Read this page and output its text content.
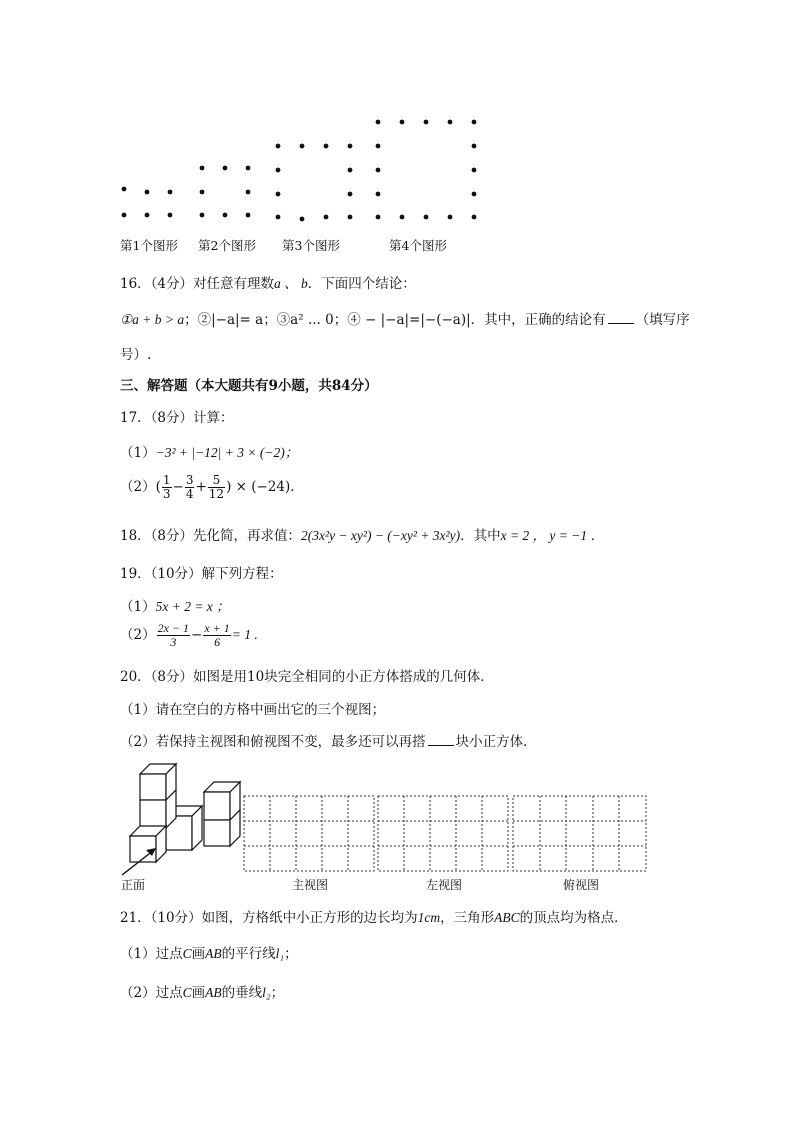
第1个图形 第2个图形 第3个图形	第4个图形
16．（4分）对任意有理数a 、 b．下面四个结论：
①a + b > a；②|−a|= a；③a² ... 0；④ − |−a|=|−(−a)|．其中，正确的结论有 （填写序
号）.
三、解答题（本大题共有9小题，共84分）
17．（8分）计算：
（1）−3² + |−12| + 3 × (−2)；
$(2)( \frac{1}{3} - \frac{3}{4} + \frac{5}{12}$ ) × (−24)．
18．（8分）先化简，再求值：2(3x²y − xy²) − (−xy² + 3x²y)．其中x = 2 ， y = −1 ．
19．（10分）解下列方程：
（1）5x + 2 = x ；
$(2) \frac{2x - 1}{3} - \frac{x + 1}{6} = 1$ .
20．（8分）如图是用10块完全相同的小正方体搭成的几何体．
（1）请在空白的方格中画出它的三个视图；
（2）若保持主视图和俯视图不变，最多还可以再搭 块小正方体．
正面	主视图	左视图	俯视图
21．（10分）如图，方格纸中小正方形的边长均为1cm，三角形ABC的顶点均为格点．
（1）过点C画AB的平行线l₁；
（2）过点C画AB的垂线l₂；
